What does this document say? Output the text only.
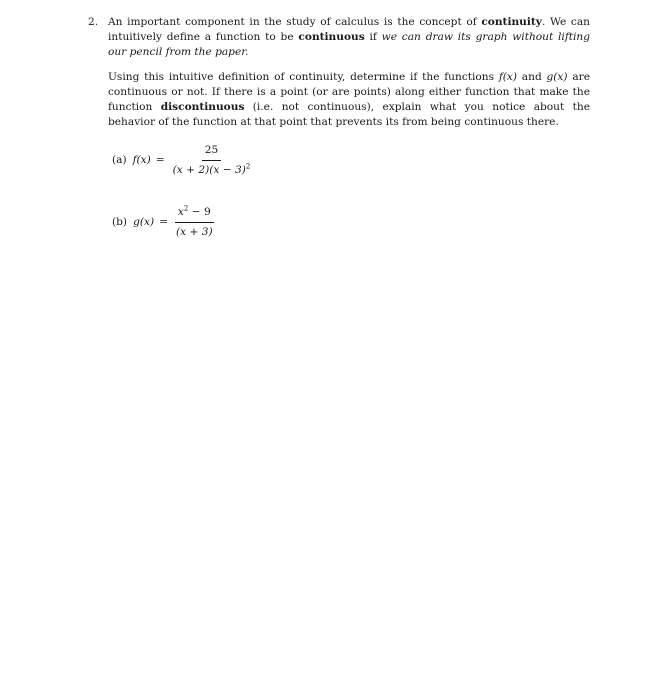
2. An important component in the study of calculus is the concept of continuity. We can intuitively define a function to be continuous if we can draw its graph without lifting our pencil from the paper.

Using this intuitive definition of continuity, determine if the functions f(x) and g(x) are continuous or not. If there is a point (or are points) along either function that make the function discontinuous (i.e. not continuous), explain what you notice about the behavior of the function at that point that prevents its from being continuous there.

(a) $f(x) = \frac{25}{(x + 2)(x - 3)^2}$
(b) $g(x) = \frac{x^2 - 9}{(x + 3)}$
